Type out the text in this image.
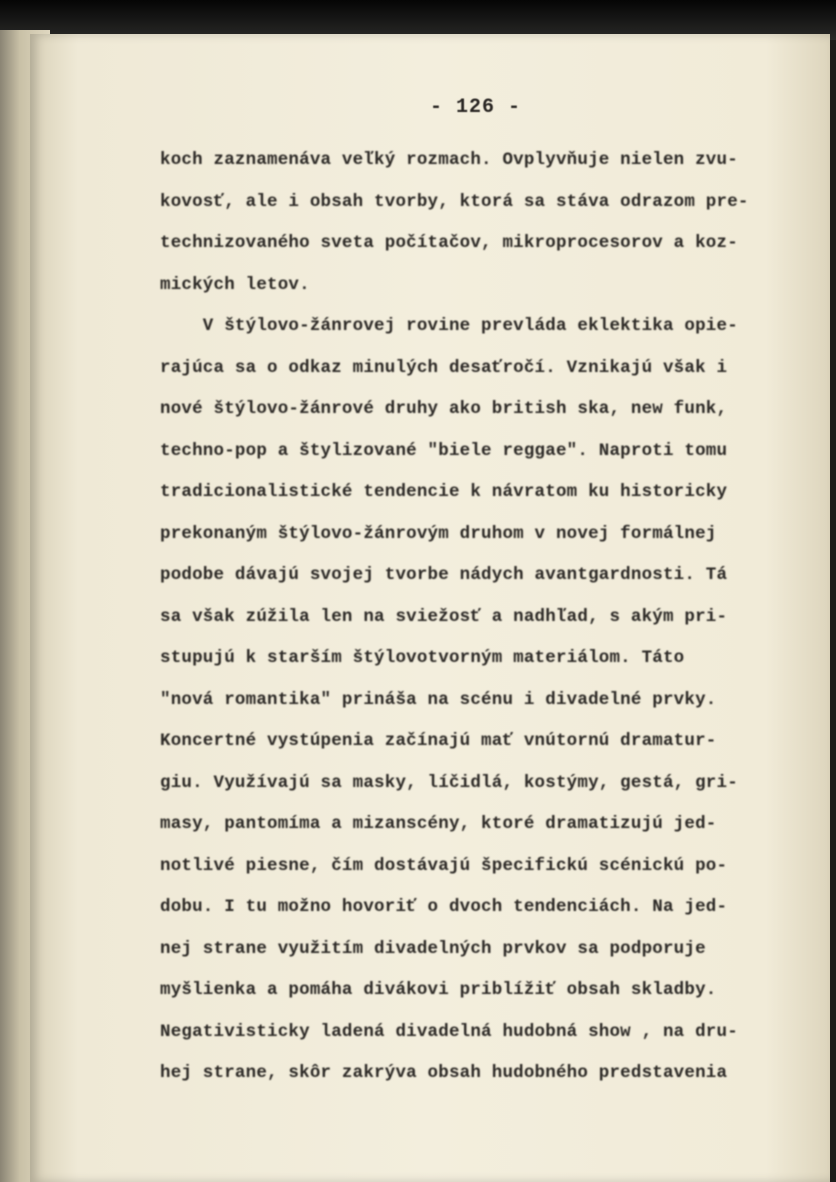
- 126 -
koch zaznamenáva veľký rozmach. Ovplyvňuje nielen zvu-
kovosť, ale i obsah tvorby, ktorá sa stáva odrazom pre-
technizovaného sveta počítačov, mikroprocesorov a koz-
mických letov.
V štýlovo-žánrovej rovine prevláda eklektika opie-
rajúca sa o odkaz minulých desaťročí. Vznikajú však i
nové štýlovo-žánrové druhy ako british ska, new funk,
techno-pop a štylizované "biele reggae". Naproti tomu
tradicionalistické tendencie k návratom ku historicky
prekonaným štýlovo-žánrovým druhom v novej formálnej
podobe dávajú svojej tvorbe nádych avantgardnosti. Tá
sa však zúžila len na sviežosť a nadhľad, s akým pri-
stupujú k starším štýlovotvorným materiálom. Táto
"nová romantika" prináša na scénu i divadelné prvky.
Koncertné vystúpenia začínajú mať vnútornú dramatur-
giu. Využívajú sa masky, líčidlá, kostýmy, gestá, gri-
masy, pantomíma a mizanscény, ktoré dramatizujú jed-
notlivé piesne, čím dostávajú špecifickú scénickú po-
dobu. I tu možno hovoriť o dvoch tendenciách. Na jed-
nej strane využitím divadelných prvkov sa podporuje
myšlienka a pomáha divákovi priblížiť obsah skladby.
Negativisticky ladená divadelná hudobná show , na dru-
hej strane, skôr zakrýva obsah hudobného predstavenia
